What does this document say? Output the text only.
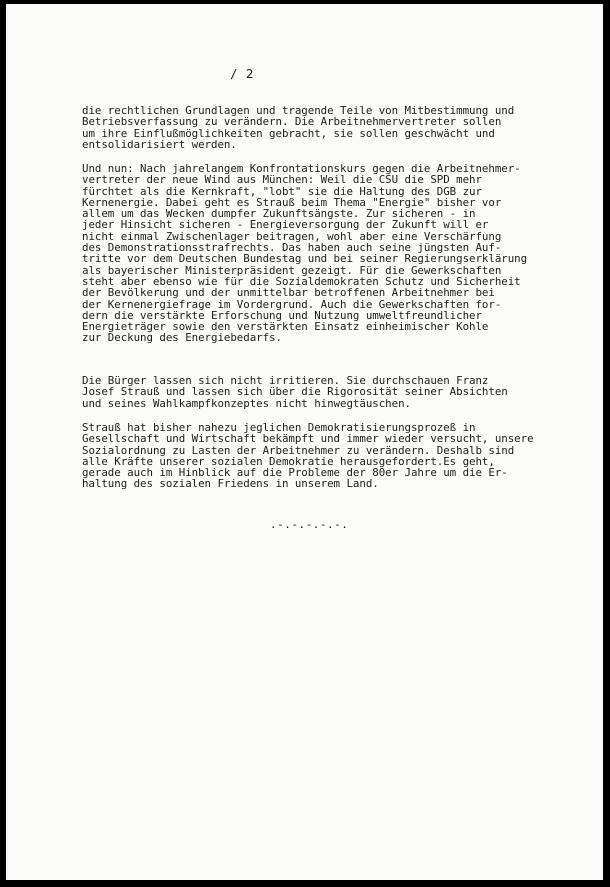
/ 2

die rechtlichen Grundlagen und tragende Teile von Mitbestimmung und
Betriebsverfassung zu verändern. Die Arbeitnehmervertreter sollen
um ihre Einflußmöglichkeiten gebracht, sie sollen geschwächt und
entsolidarisiert werden.

Und nun: Nach jahrelangem Konfrontationskurs gegen die Arbeitnehmer-
vertreter der neue Wind aus München: Weil die CSU die SPD mehr
fürchtet als die Kernkraft, "lobt" sie die Haltung des DGB zur
Kernenergie. Dabei geht es Strauß beim Thema "Energie" bisher vor
allem um das Wecken dumpfer Zukunftsängste. Zur sicheren - in
jeder Hinsicht sicheren - Energieversorgung der Zukunft will er
nicht einmal Zwischenlager beitragen, wohl aber eine Verschärfung
des Demonstrationsstrafrechts. Das haben auch seine jüngsten Auf-
tritte vor dem Deutschen Bundestag und bei seiner Regierungserklärung
als bayerischer Ministerpräsident gezeigt. Für die Gewerkschaften
steht aber ebenso wie für die Sozialdemokraten Schutz und Sicherheit
der Bevölkerung und der unmittelbar betroffenen Arbeitnehmer bei
der Kernenergiefrage im Vordergrund. Auch die Gewerkschaften for-
dern die verstärkte Erforschung und Nutzung umweltfreundlicher
Energieträger sowie den verstärkten Einsatz einheimischer Kohle
zur Deckung des Energiebedarfs.

Die Bürger lassen sich nicht irritieren. Sie durchschauen Franz
Josef Strauß und lassen sich über die Rigorosität seiner Absichten
und seines Wahlkampfkonzeptes nicht hinwegtäuschen.

Strauß hat bisher nahezu jeglichen Demokratisierungsprozeß in
Gesellschaft und Wirtschaft bekämpft und immer wieder versucht, unsere
Sozialordnung zu Lasten der Arbeitnehmer zu verändern. Deshalb sind
alle Kräfte unserer sozialen Demokratie herausgefordert.Es geht,
gerade auch im Hinblick auf die Probleme der 80er Jahre um die Er-
haltung des sozialen Friedens in unserem Land.

.-.-.-.-.-.
